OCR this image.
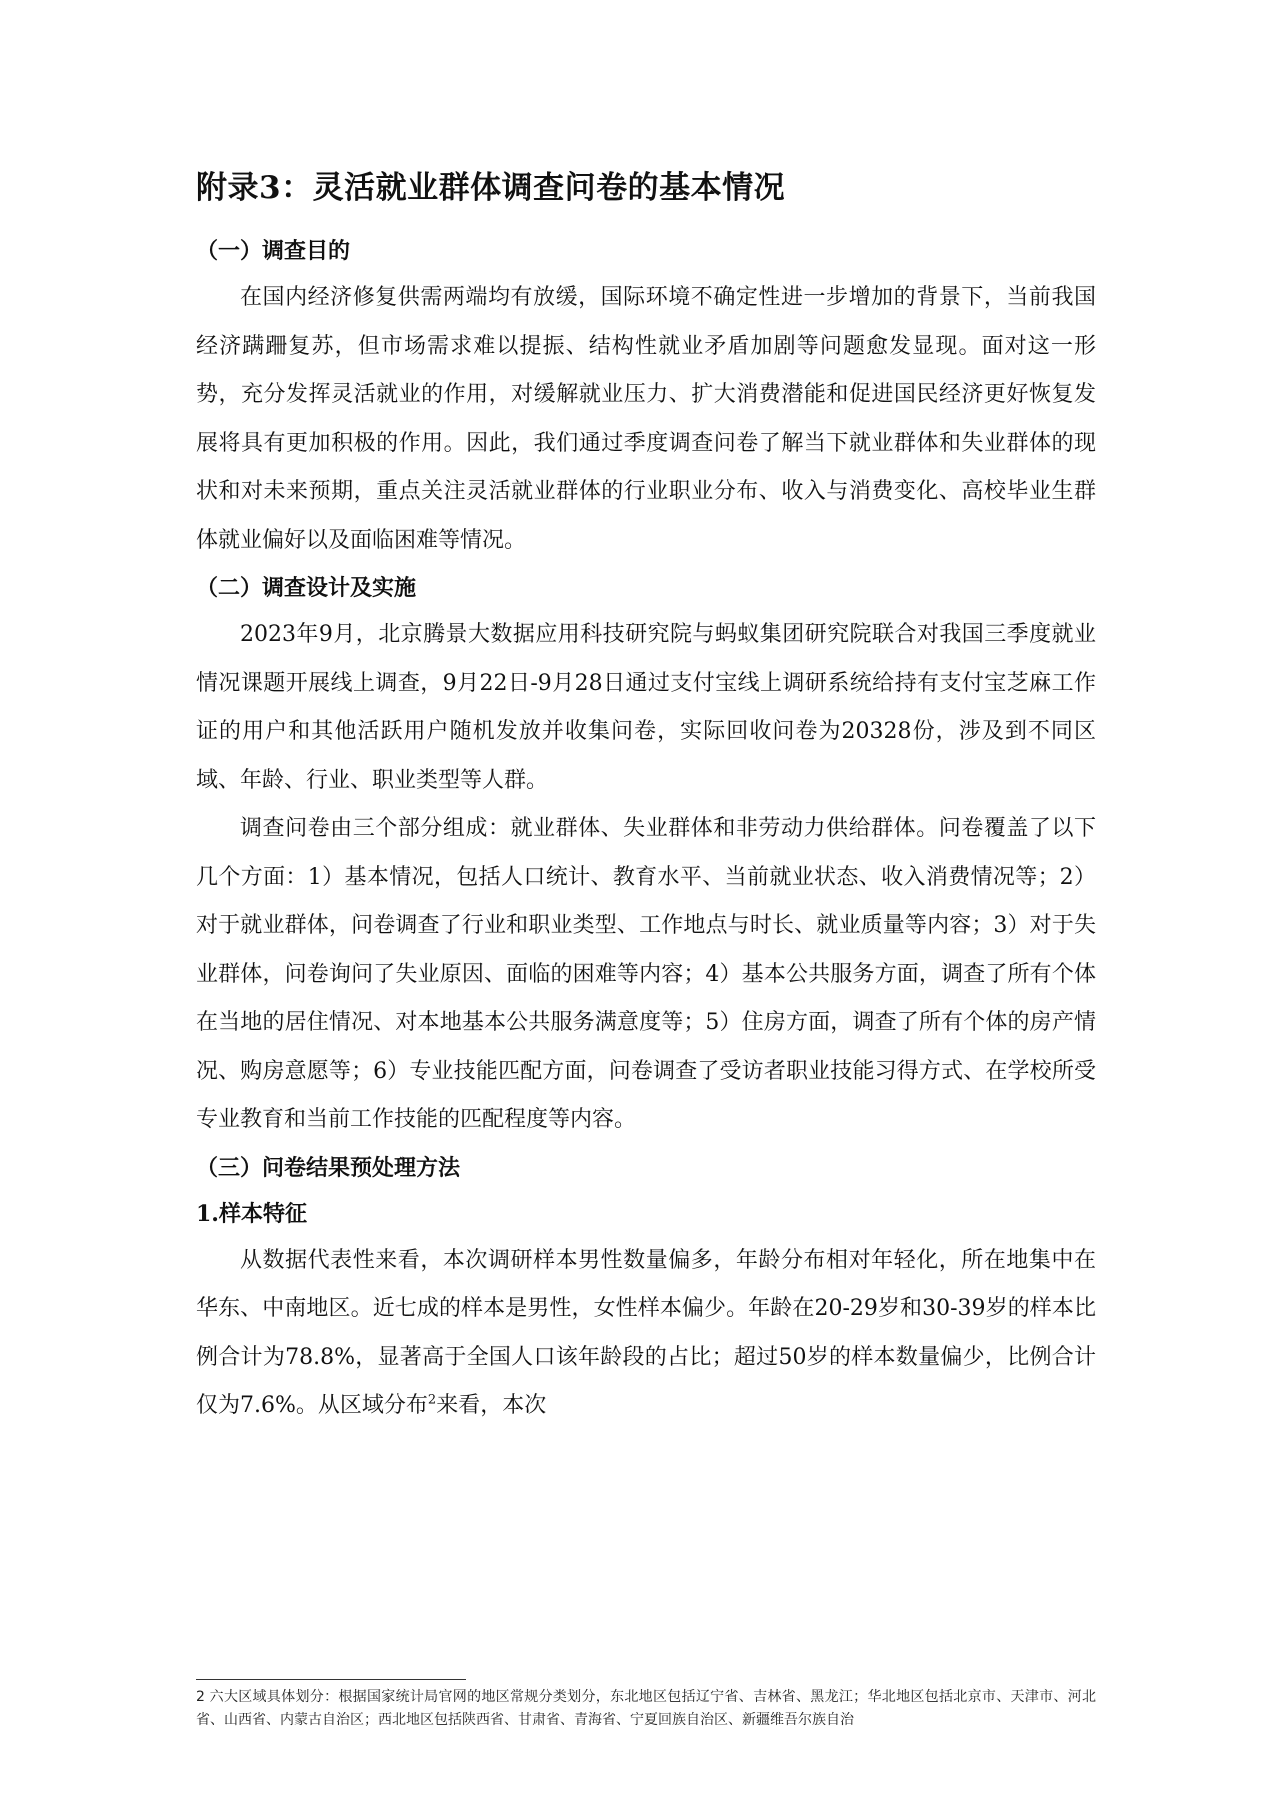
附录3：灵活就业群体调查问卷的基本情况
（一）调查目的

在国内经济修复供需两端均有放缓，国际环境不确定性进一步增加的背景下，当前我国经济蹒跚复苏，但市场需求难以提振、结构性就业矛盾加剧等问题愈发显现。面对这一形势，充分发挥灵活就业的作用，对缓解就业压力、扩大消费潜能和促进国民经济更好恢复发展将具有更加积极的作用。因此，我们通过季度调查问卷了解当下就业群体和失业群体的现状和对未来预期，重点关注灵活就业群体的行业职业分布、收入与消费变化、高校毕业生群体就业偏好以及面临困难等情况。

（二）调查设计及实施

2023年9月，北京腾景大数据应用科技研究院与蚂蚁集团研究院联合对我国三季度就业情况课题开展线上调查，9月22日-9月28日通过支付宝线上调研系统给持有支付宝芝麻工作证的用户和其他活跃用户随机发放并收集问卷，实际回收问卷为20328份，涉及到不同区域、年龄、行业、职业类型等人群。

调查问卷由三个部分组成：就业群体、失业群体和非劳动力供给群体。问卷覆盖了以下几个方面：1）基本情况，包括人口统计、教育水平、当前就业状态、收入消费情况等；2）对于就业群体，问卷调查了行业和职业类型、工作地点与时长、就业质量等内容；3）对于失业群体，问卷询问了失业原因、面临的困难等内容；4）基本公共服务方面，调查了所有个体在当地的居住情况、对本地基本公共服务满意度等；5）住房方面，调查了所有个体的房产情况、购房意愿等；6）专业技能匹配方面，问卷调查了受访者职业技能习得方式、在学校所受专业教育和当前工作技能的匹配程度等内容。

（三）问卷结果预处理方法
1.样本特征

从数据代表性来看，本次调研样本男性数量偏多，年龄分布相对年轻化，所在地集中在华东、中南地区。近七成的样本是男性，女性样本偏少。年龄在20-29岁和30-39岁的样本比例合计为78.8%，显著高于全国人口该年龄段的占比；超过50岁的样本数量偏少，比例合计仅为7.6%。从区域分布$^2$来看，本次

2 六大区域具体划分：根据国家统计局官网的地区常规分类划分，东北地区包括辽宁省、吉林省、黑龙江；华北地区包括北京市、天津市、河北省、山西省、内蒙古自治区；西北地区包括陕西省、甘肃省、青海省、宁夏回族自治区、新疆维吾尔族自治
